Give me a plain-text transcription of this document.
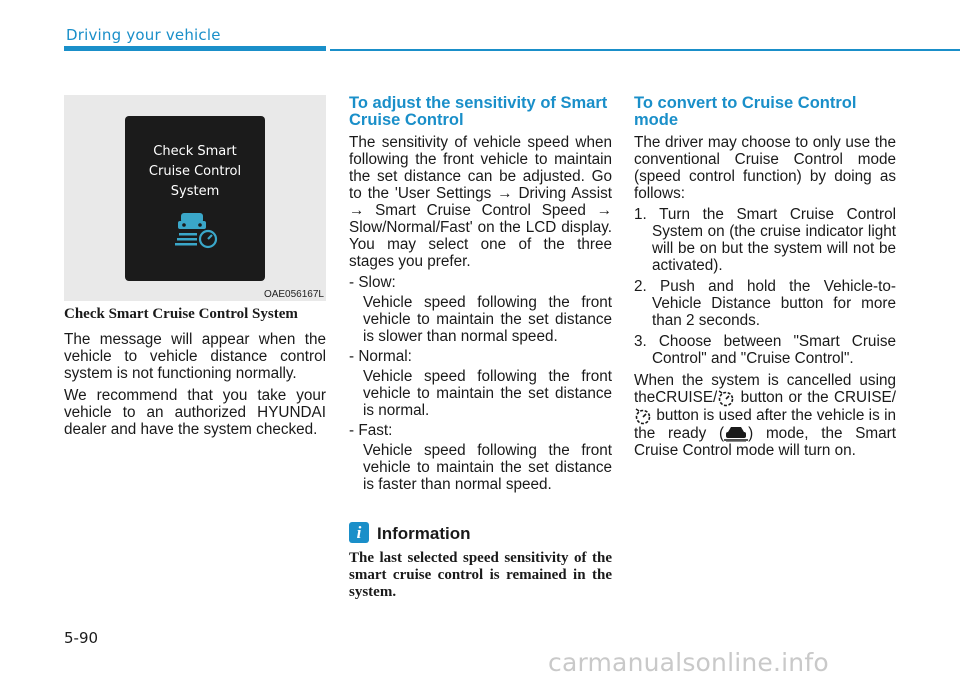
Driving your vehicle
Check Smart
Cruise Control
System
OAE056167L
Check Smart Cruise Control System

The message will appear when the vehicle to vehicle distance control system is not functioning normally.

We recommend that you take your vehicle to an authorized HYUNDAI dealer and have the system checked.

To adjust the sensitivity of Smart Cruise Control

The sensitivity of vehicle speed when following the front vehicle to maintain the set distance can be adjusted. Go to the 'User Settings → Driving Assist → Smart Cruise Control Speed → Slow/Normal/Fast' on the LCD display. You may select one of the three stages you prefer.

- Slow:
Vehicle speed following the front vehicle to maintain the set distance is slower than normal speed.
- Normal:
Vehicle speed following the front vehicle to maintain the set distance is normal.
- Fast:
Vehicle speed following the front vehicle to maintain the set distance is faster than normal speed.
i Information
The last selected speed sensitivity of the smart cruise control is remained in the system.
To convert to Cruise Control mode

The driver may choose to only use the conventional Cruise Control mode (speed control function) by doing as follows:

1. Turn the Smart Cruise Control System on (the cruise indicator light will be on but the system will not be activated).
2. Push and hold the Vehicle-to-Vehicle Distance button for more than 2 seconds.
3. Choose between "Smart Cruise Control" and "Cruise Control".

When the system is cancelled using theCRUISE/ button or the CRUISE/ button is used after the vehicle is in the ready ( ) mode, the Smart Cruise Control mode will turn on.

5-90
carmanualsonline.info
